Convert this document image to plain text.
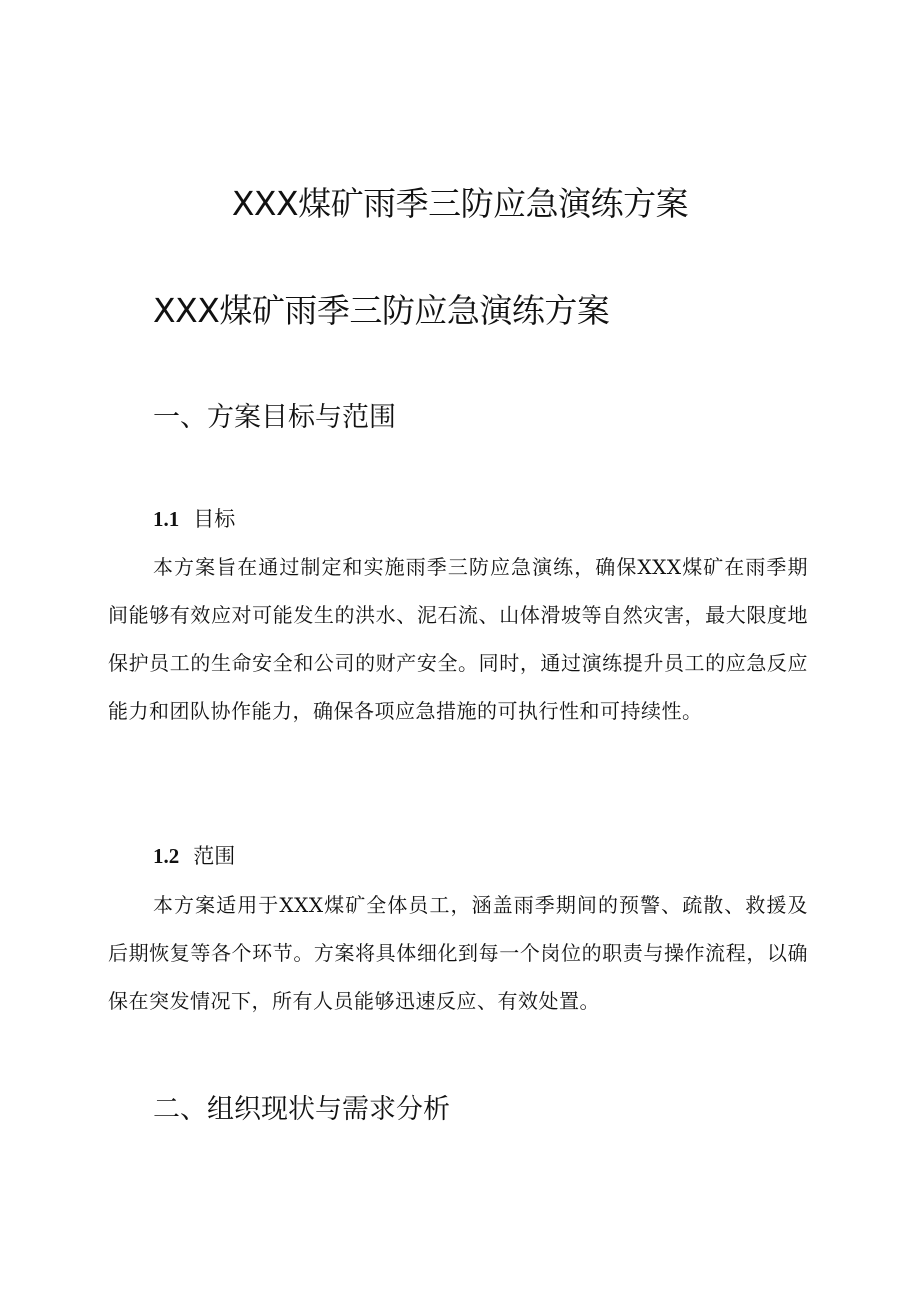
XXX煤矿雨季三防应急演练方案
XXX煤矿雨季三防应急演练方案
一、方案目标与范围
1.1 目标

本方案旨在通过制定和实施雨季三防应急演练，确保XXX煤矿在雨季期间能够有效应对可能发生的洪水、泥石流、山体滑坡等自然灾害，最大限度地保护员工的生命安全和公司的财产安全。同时，通过演练提升员工的应急反应能力和团队协作能力，确保各项应急措施的可执行性和可持续性。

1.2 范围

本方案适用于XXX煤矿全体员工，涵盖雨季期间的预警、疏散、救援及后期恢复等各个环节。方案将具体细化到每一个岗位的职责与操作流程，以确保在突发情况下，所有人员能够迅速反应、有效处置。

二、组织现状与需求分析
